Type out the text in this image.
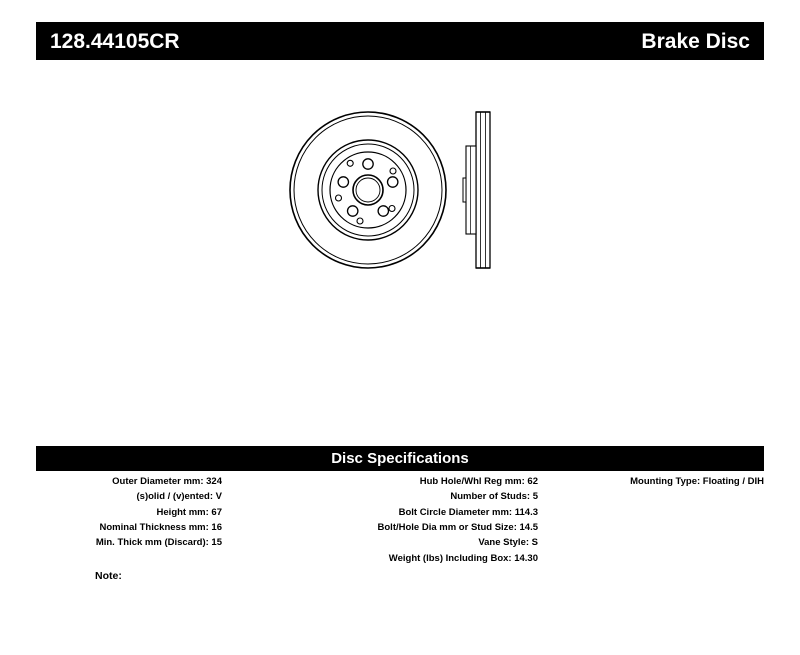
128.44105CR	Brake Disc
Disc Specifications
Outer Diameter mm: 324
(s)olid / (v)ented: V
Height mm: 67
Nominal Thickness mm: 16
Min. Thick mm (Discard): 15
Hub Hole/Whl Reg mm: 62
Number of Studs: 5
Bolt Circle Diameter mm: 114.3
Bolt/Hole Dia mm or Stud Size: 14.5
Vane Style: S
Weight (lbs) Including Box: 14.30
Mounting Type: Floating / DIH
Note:
